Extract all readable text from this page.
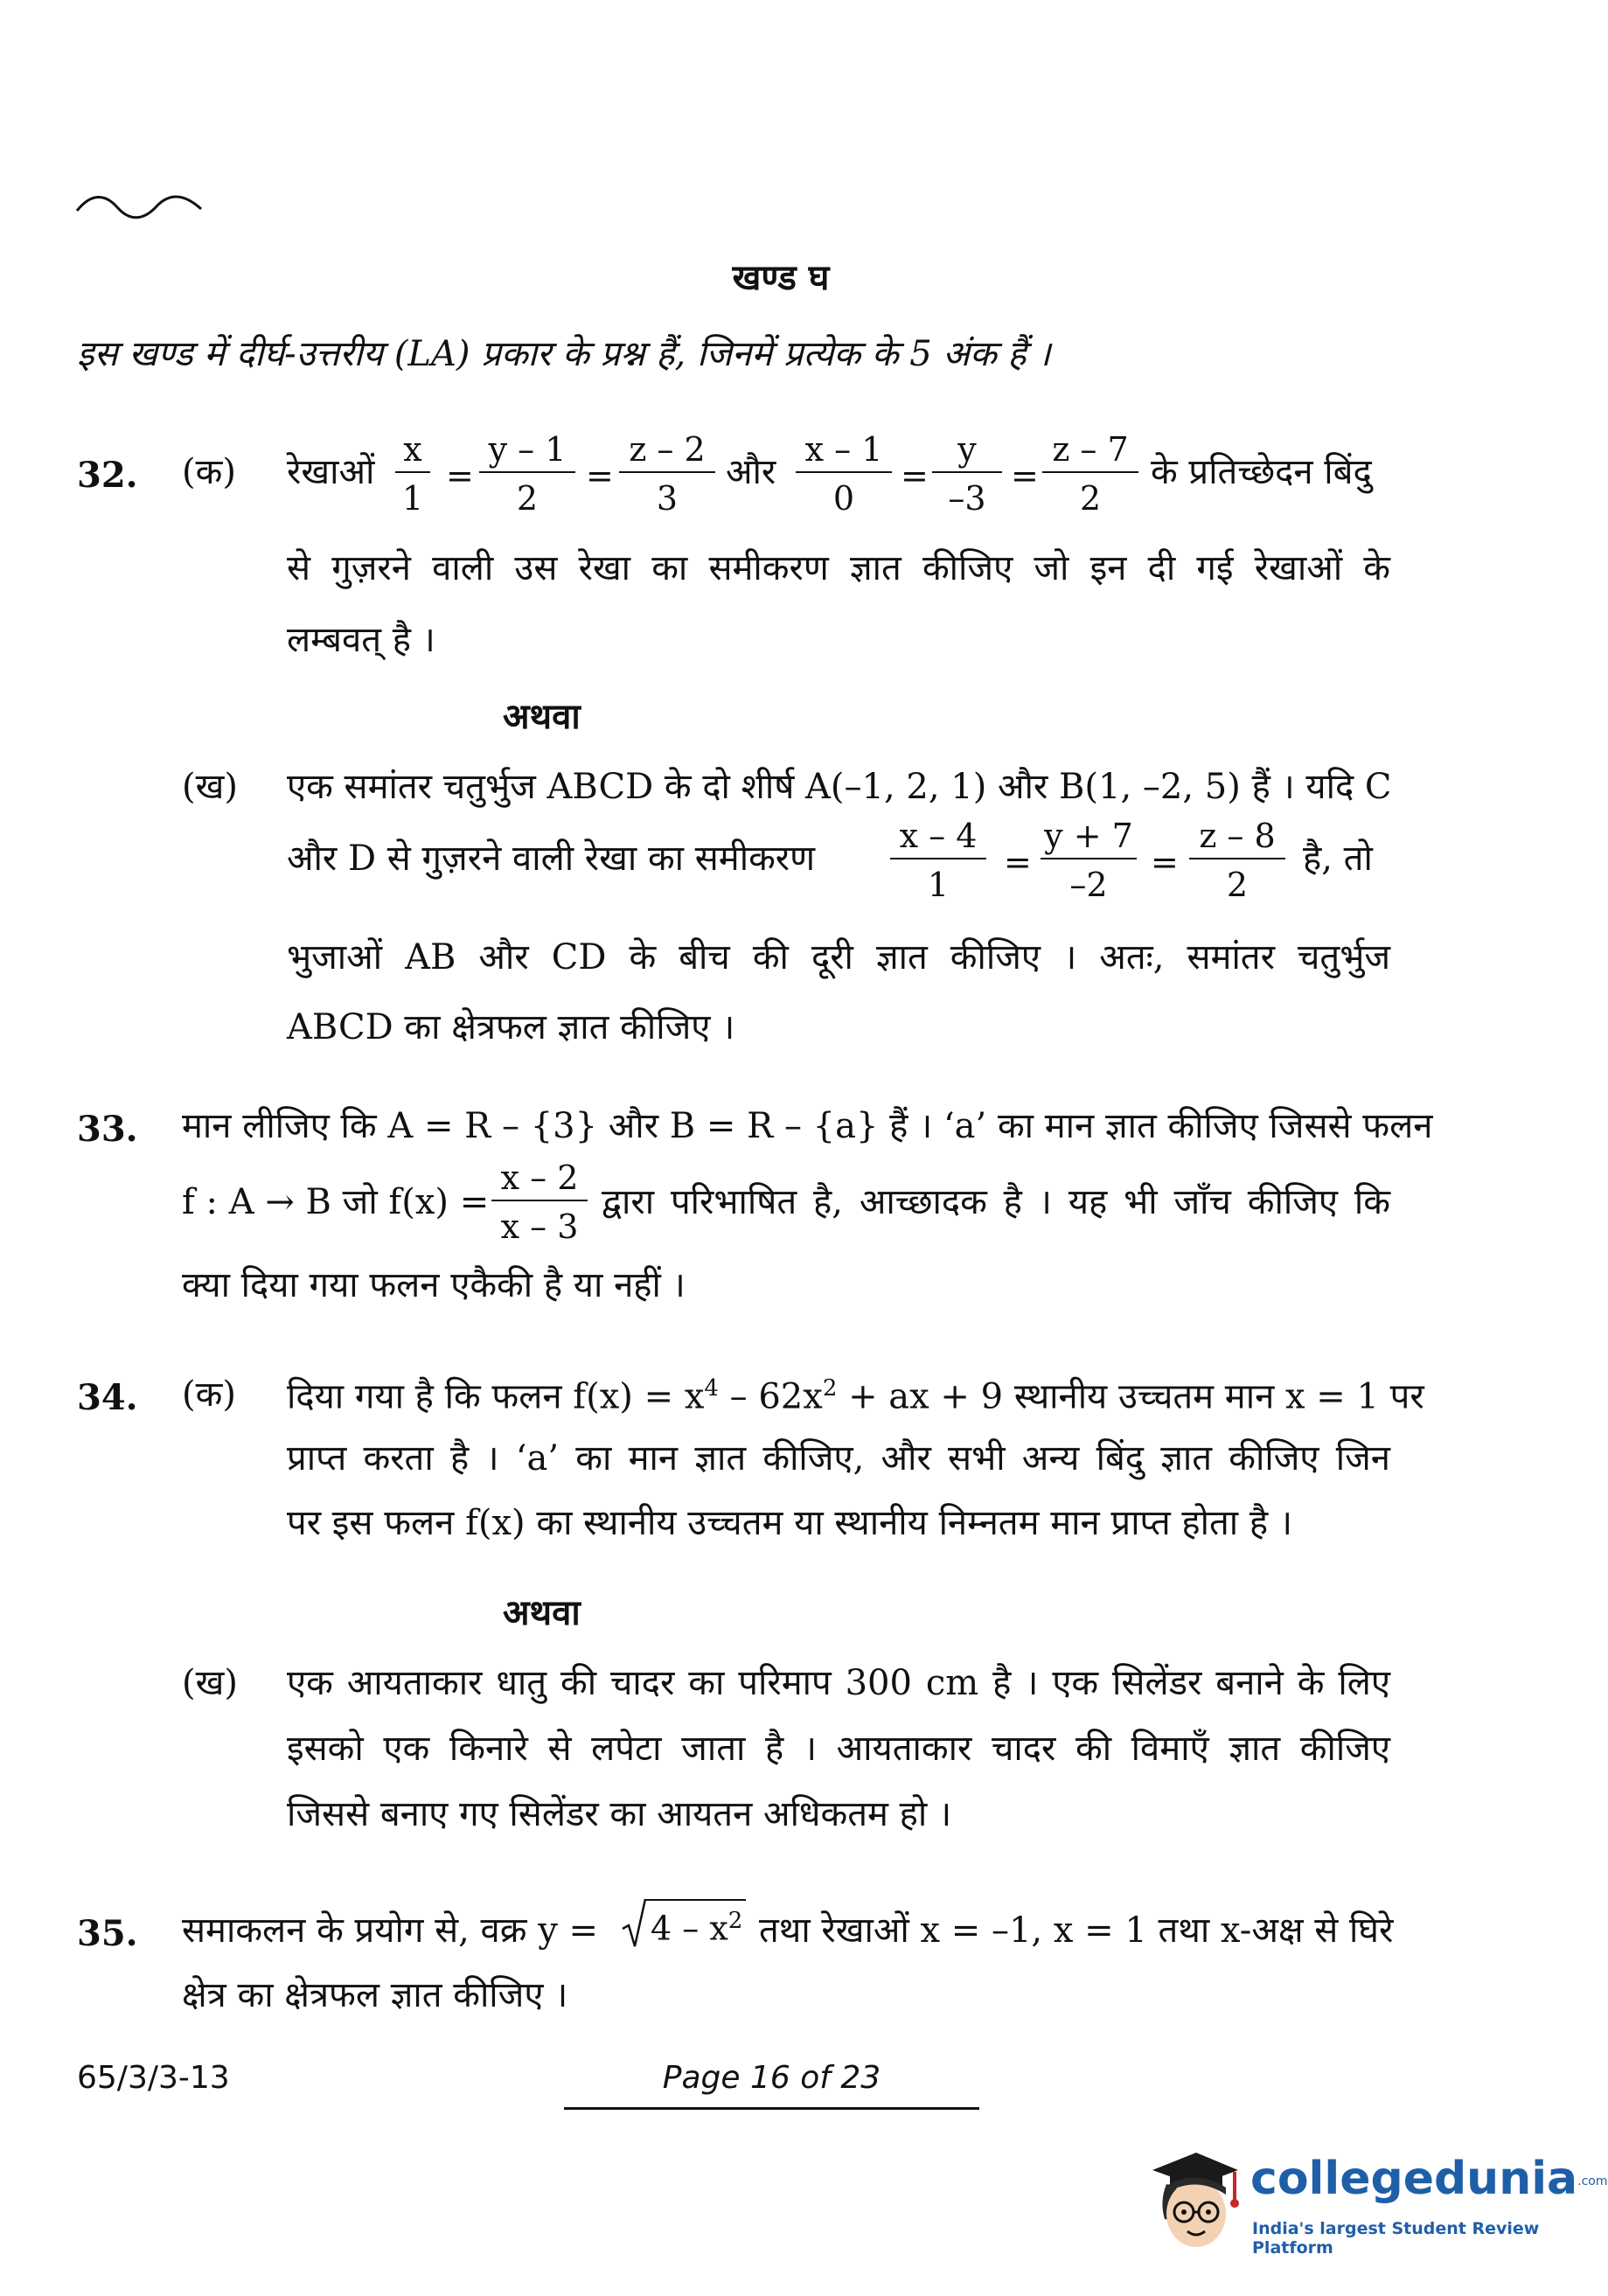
खण्ड घ
इस खण्ड में दीर्घ-उत्तरीय (LA) प्रकार के प्रश्न हैं, जिनमें प्रत्येक के 5 अंक हैं ।
32. (क) रेखाओं $\frac{x}{1} = \frac{y - 1}{2} = \frac{z - 2}{3}$ और $\frac{x - 1}{0} = \frac{y}{-3} = \frac{z - 7}{2}$ के प्रतिच्छेदन बिंदु
से गुज़रने वाली उस रेखा का समीकरण ज्ञात कीजिए जो इन दी गई रेखाओं के
लम्बवत् है ।
अथवा
(ख) एक समांतर चतुर्भुज ABCD के दो शीर्ष A(–1, 2, 1) और B(1, –2, 5) हैं । यदि C
और D से गुज़रने वाली रेखा का समीकरण $\frac{x - 4}{1} = \frac{y + 7}{-2} = \frac{z - 8}{2}$ है, तो
भुजाओं AB और CD के बीच की दूरी ज्ञात कीजिए । अतः, समांतर चतुर्भुज
ABCD का क्षेत्रफल ज्ञात कीजिए ।
33. मान लीजिए कि A = R – {3} और B = R – {a} हैं । ‘a’ का मान ज्ञात कीजिए जिससे फलन
f : A → B जो $f(x) = \frac{x - 2}{x - 3}$ द्वारा परिभाषित है, आच्छादक है । यह भी जाँच कीजिए कि
क्या दिया गया फलन एकैकी है या नहीं ।
34. (क) दिया गया है कि फलन $f(x) = x^4 - 62x^2$ + ax + 9 स्थानीय उच्चतम मान x = 1 पर
प्राप्त करता है । ‘a’ का मान ज्ञात कीजिए, और सभी अन्य बिंदु ज्ञात कीजिए जिन
पर इस फलन f(x) का स्थानीय उच्चतम या स्थानीय निम्नतम मान प्राप्त होता है ।
अथवा
(ख) एक आयताकार धातु की चादर का परिमाप 300 cm है । एक सिलेंडर बनाने के लिए
इसको एक किनारे से लपेटा जाता है । आयताकार चादर की विमाएँ ज्ञात कीजिए
जिससे बनाए गए सिलेंडर का आयतन अधिकतम हो ।
35. समाकलन के प्रयोग से, वक्र $y = 4 - x^2$ तथा रेखाओं x = –1, x = 1 तथा x-अक्ष से घिरे
क्षेत्र का क्षेत्रफल ज्ञात कीजिए ।
65/3/3-13	Page 16 of 23
collegedunia.com
India's largest Student Review Platform
